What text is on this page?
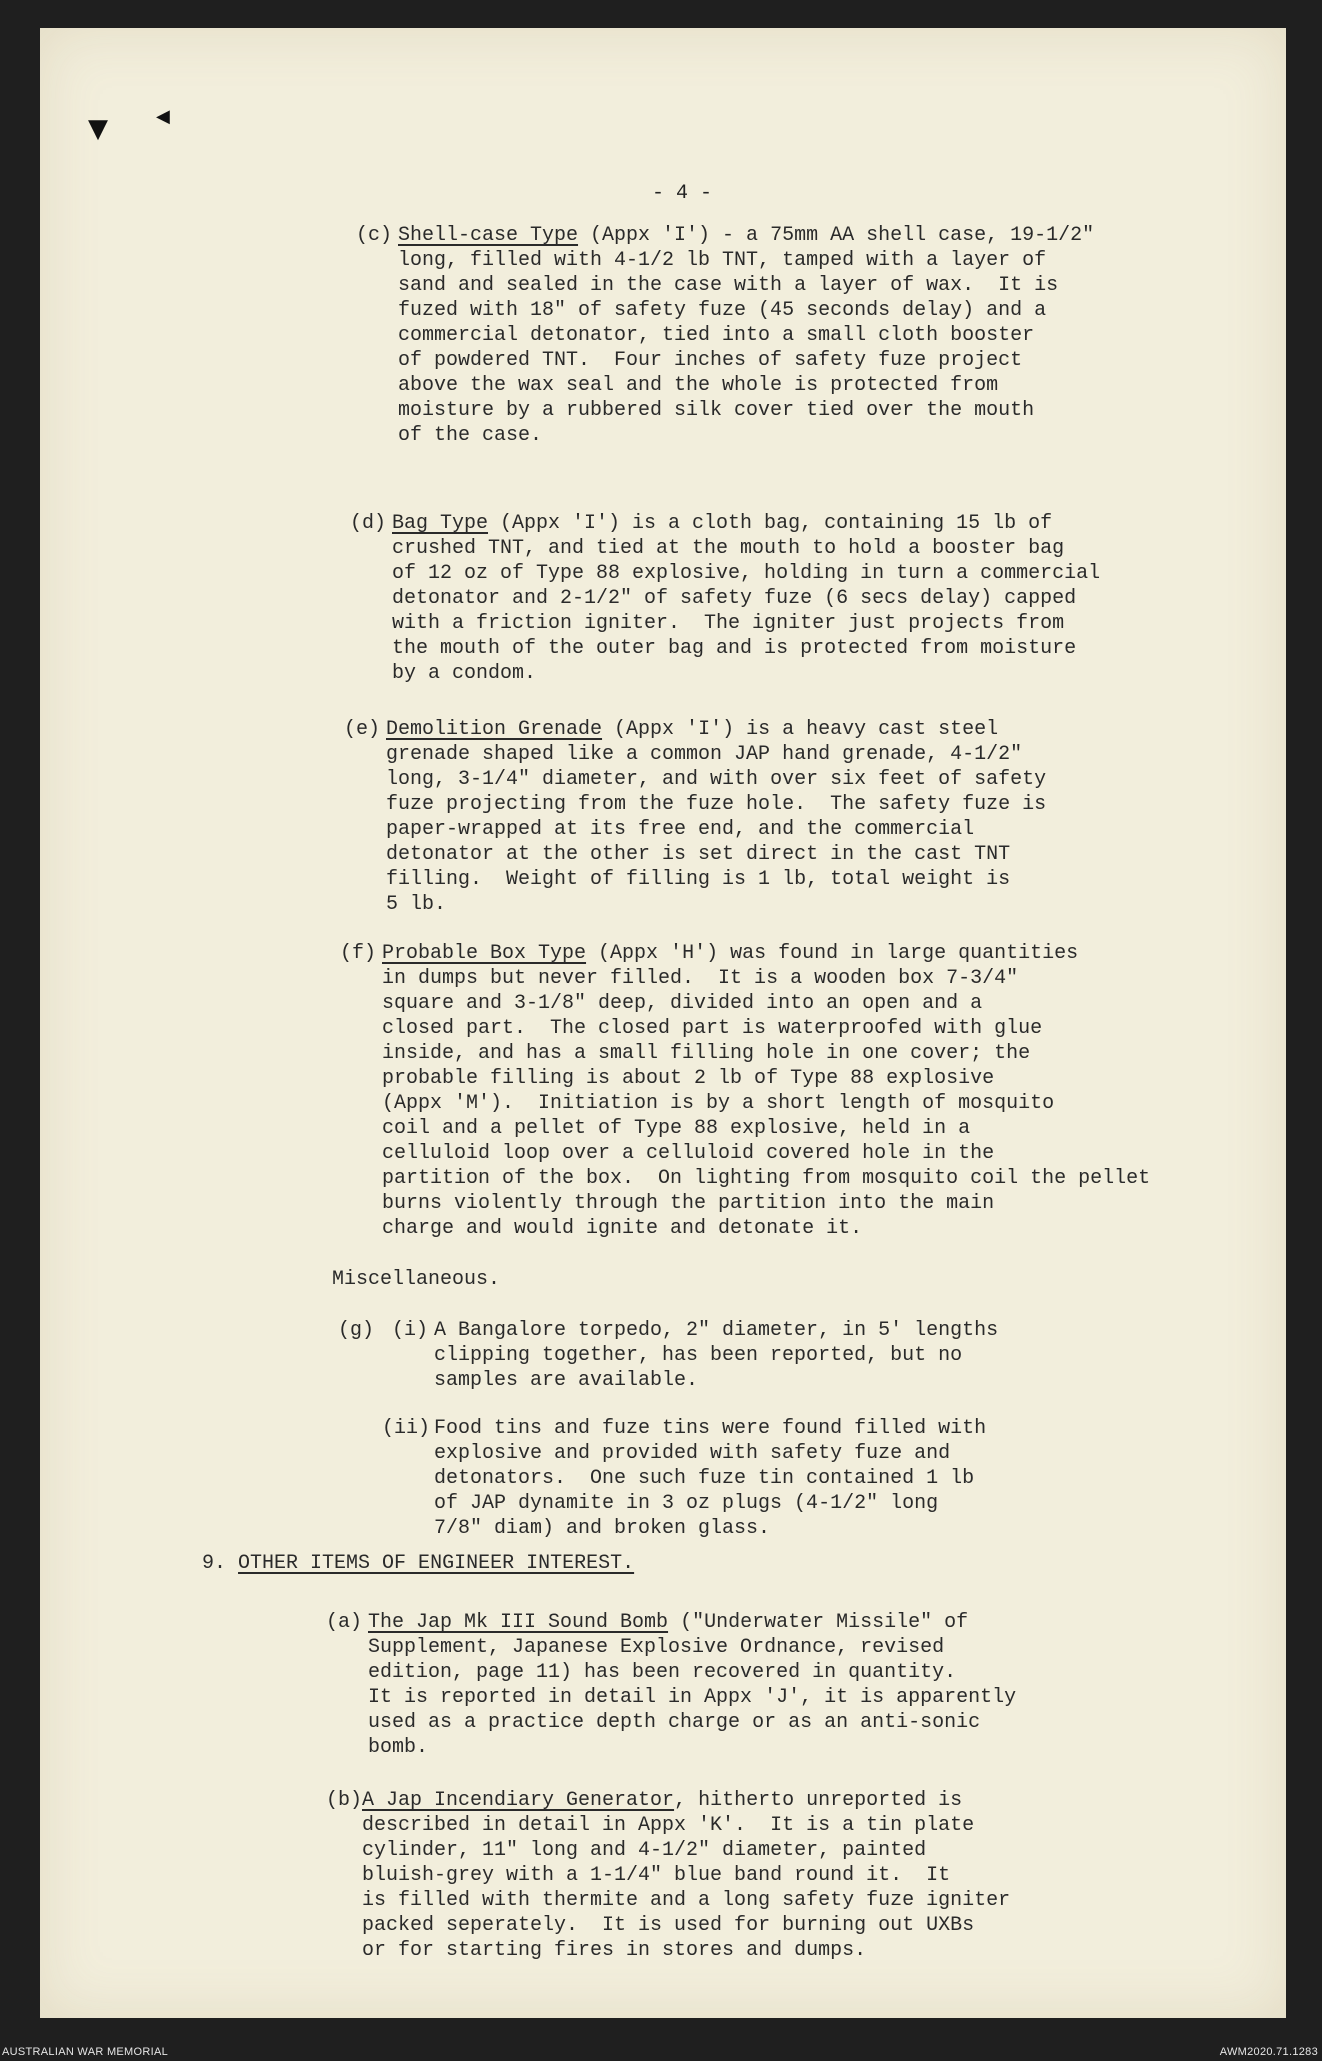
▼	◀
- 4 -
(c) Shell-case Type (Appx 'I') - a 75mm AA shell case, 19-1/2"
long, filled with 4-1/2 lb TNT, tamped with a layer of
sand and sealed in the case with a layer of wax.  It is
fuzed with 18" of safety fuze (45 seconds delay) and a
commercial detonator, tied into a small cloth booster
of powdered TNT.  Four inches of safety fuze project
above the wax seal and the whole is protected from
moisture by a rubbered silk cover tied over the mouth
of the case.
(d) Bag Type (Appx 'I') is a cloth bag, containing 15 lb of
crushed TNT, and tied at the mouth to hold a booster bag
of 12 oz of Type 88 explosive, holding in turn a commercial
detonator and 2-1/2" of safety fuze (6 secs delay) capped
with a friction igniter.  The igniter just projects from
the mouth of the outer bag and is protected from moisture
by a condom.
(e) Demolition Grenade (Appx 'I') is a heavy cast steel
grenade shaped like a common JAP hand grenade, 4-1/2"
long, 3-1/4" diameter, and with over six feet of safety
fuze projecting from the fuze hole.  The safety fuze is
paper-wrapped at its free end, and the commercial
detonator at the other is set direct in the cast TNT
filling.  Weight of filling is 1 lb, total weight is
5 lb.
(f) Probable Box Type (Appx 'H') was found in large quantities
in dumps but never filled.  It is a wooden box 7-3/4"
square and 3-1/8" deep, divided into an open and a
closed part.  The closed part is waterproofed with glue
inside, and has a small filling hole in one cover; the
probable filling is about 2 lb of Type 88 explosive
(Appx 'M').  Initiation is by a short length of mosquito
coil and a pellet of Type 88 explosive, held in a
celluloid loop over a celluloid covered hole in the
partition of the box.  On lighting from mosquito coil the pellet
burns violently through the partition into the main
charge and would ignite and detonate it.
Miscellaneous.
(g) (i) A Bangalore torpedo, 2" diameter, in 5' lengths
clipping together, has been reported, but no
samples are available.
(ii) Food tins and fuze tins were found filled with
explosive and provided with safety fuze and
detonators.  One such fuze tin contained 1 lb
of JAP dynamite in 3 oz plugs (4-1/2" long
7/8" diam) and broken glass.
9. OTHER ITEMS OF ENGINEER INTEREST.
(a) The Jap Mk III Sound Bomb ("Underwater Missile" of
Supplement, Japanese Explosive Ordnance, revised
edition, page 11) has been recovered in quantity.
It is reported in detail in Appx 'J', it is apparently
used as a practice depth charge or as an anti-sonic
bomb.
(b) A Jap Incendiary Generator, hitherto unreported is
described in detail in Appx 'K'.  It is a tin plate
cylinder, 11" long and 4-1/2" diameter, painted
bluish-grey with a 1-1/4" blue band round it.  It
is filled with thermite and a long safety fuze igniter
packed seperately.  It is used for burning out UXBs
or for starting fires in stores and dumps.
AUSTRALIAN WAR MEMORIAL	AWM2020.71.1283
